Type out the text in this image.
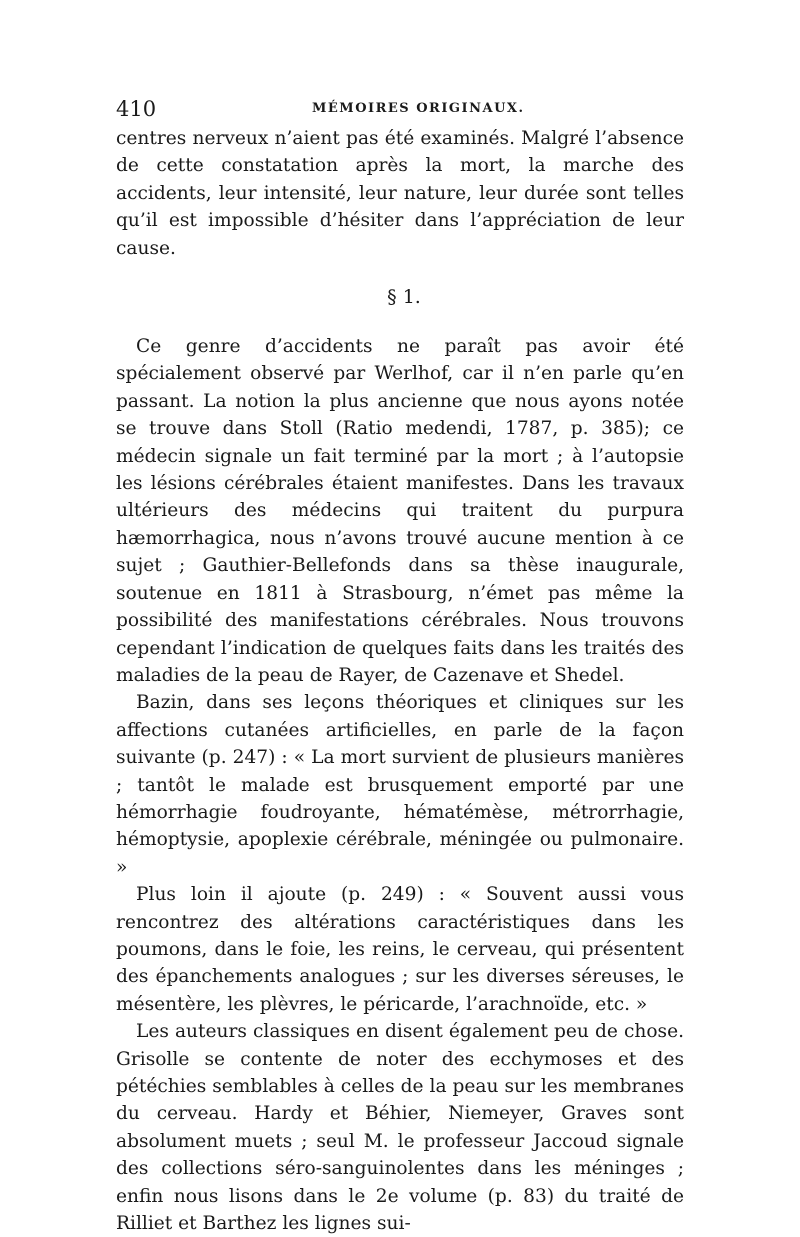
410	MÉMOIRES ORIGINAUX.

centres nerveux n’aient pas été examinés. Malgré l’absence de cette constatation après la mort, la marche des accidents, leur intensité, leur nature, leur durée sont telles qu’il est impossible d’hésiter dans l’appréciation de leur cause.

§ 1.

Ce genre d’accidents ne paraît pas avoir été spécialement observé par Werlhof, car il n’en parle qu’en passant. La notion la plus ancienne que nous ayons notée se trouve dans Stoll (Ratio medendi, 1787, p. 385); ce médecin signale un fait terminé par la mort ; à l’autopsie les lésions cérébrales étaient manifestes. Dans les travaux ultérieurs des médecins qui traitent du purpura hæmorrhagica, nous n’avons trouvé aucune mention à ce sujet ; Gauthier-Bellefonds dans sa thèse inaugurale, soutenue en 1811 à Strasbourg, n’émet pas même la possibilité des manifestations cérébrales. Nous trouvons cependant l’indication de quelques faits dans les traités des maladies de la peau de Rayer, de Cazenave et Shedel.

Bazin, dans ses leçons théoriques et cliniques sur les affections cutanées artificielles, en parle de la façon suivante (p. 247) : « La mort survient de plusieurs manières ; tantôt le malade est brusquement emporté par une hémorrhagie foudroyante, hématémèse, métrorrhagie, hémoptysie, apoplexie cérébrale, méningée ou pulmonaire. »

Plus loin il ajoute (p. 249) : « Souvent aussi vous rencontrez des altérations caractéristiques dans les poumons, dans le foie, les reins, le cerveau, qui présentent des épanchements analogues ; sur les diverses séreuses, le mésentère, les plèvres, le péricarde, l’arachnoïde, etc. »

Les auteurs classiques en disent également peu de chose. Grisolle se contente de noter des ecchymoses et des pétéchies semblables à celles de la peau sur les membranes du cerveau. Hardy et Béhier, Niemeyer, Graves sont absolument muets ; seul M. le professeur Jaccoud signale des collections séro-sanguinolentes dans les méninges ; enfin nous lisons dans le 2e volume (p. 83) du traité de Rilliet et Barthez les lignes sui-
